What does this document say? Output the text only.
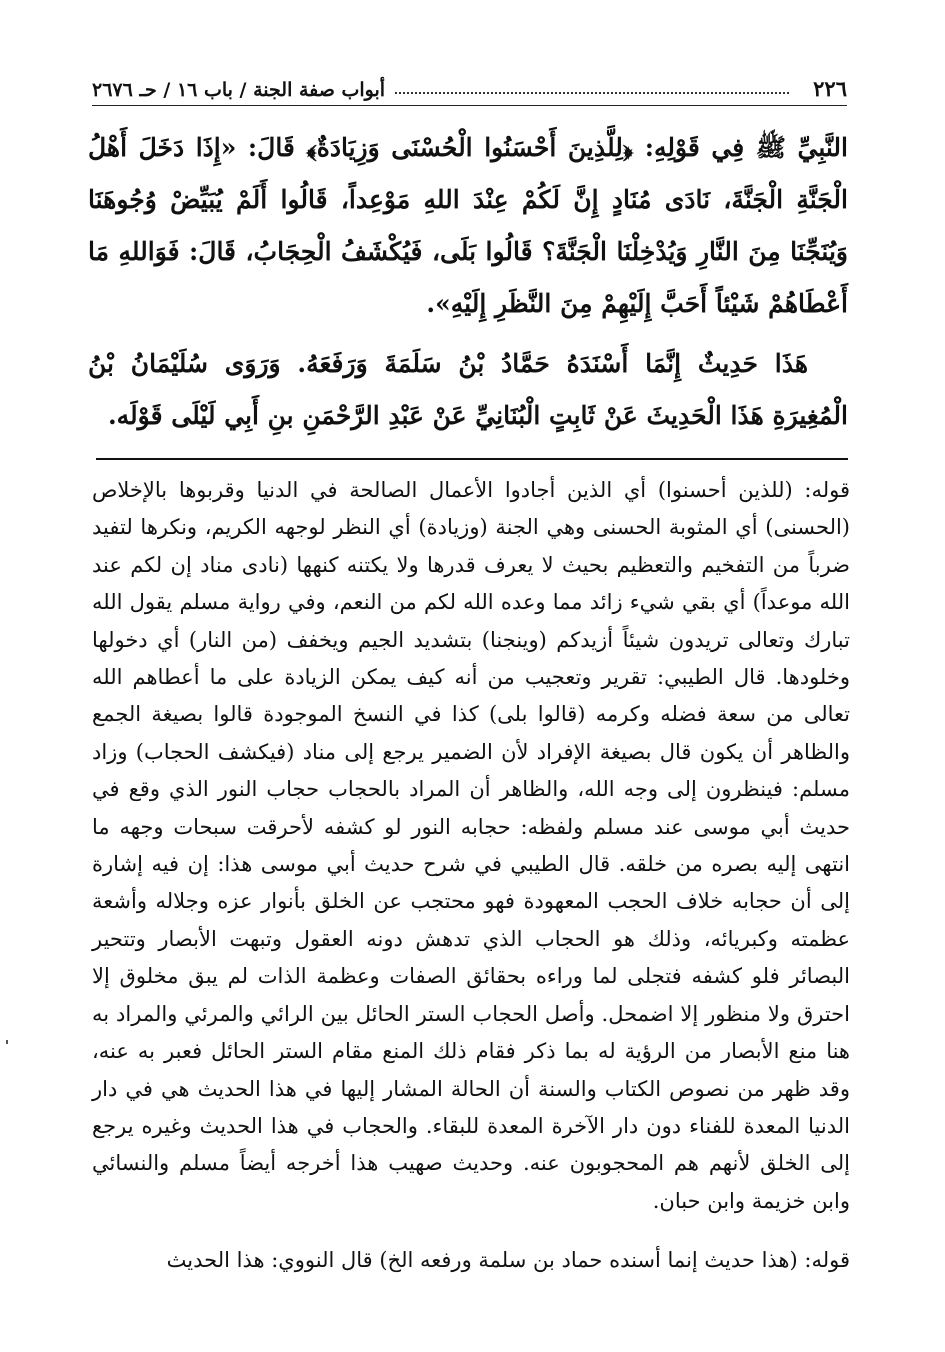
٢٢٦
أبواب صفة الجنة / باب ١٦ / حـ ٢٦٧٦

النَّبِيِّ ﷺ فِي قَوْلِهِ: ﴿لِلَّذِينَ أَحْسَنُوا الْحُسْنَى وَزِيَادَةٌ﴾ قَالَ: «إِذَا دَخَلَ أَهْلُ الْجَنَّةِ الْجَنَّةَ، نَادَى مُنَادٍ إِنَّ لَكُمْ عِنْدَ اللهِ مَوْعِداً، قَالُوا أَلَمْ يُبَيِّضْ وُجُوهَنَا وَيُنَجِّنَا مِنَ النَّارِ وَيُدْخِلْنَا الْجَنَّةَ؟ قَالُوا بَلَى، فَيُكْشَفُ الْحِجَابُ، قَالَ: فَوَاللهِ مَا أَعْطَاهُمْ شَيْئاً أَحَبَّ إِلَيْهِمْ مِنَ النَّظَرِ إِلَيْهِ».

هَذَا حَدِيثٌ إِنَّمَا أَسْنَدَهُ حَمَّادُ بْنُ سَلَمَةَ وَرَفَعَهُ. وَرَوَى سُلَيْمَانُ بْنُ الْمُغِيرَةِ هَذَا الْحَدِيثَ عَنْ ثَابِتٍ الْبُنَانِيِّ عَنْ عَبْدِ الرَّحْمَنِ بنِ أَبِي لَيْلَى قَوْلَه.

قوله: (للذين أحسنوا) أي الذين أجادوا الأعمال الصالحة في الدنيا وقربوها بالإخلاص (الحسنى) أي المثوبة الحسنى وهي الجنة (وزيادة) أي النظر لوجهه الكريم، ونكرها لتفيد ضرباً من التفخيم والتعظيم بحيث لا يعرف قدرها ولا يكتنه كنهها (نادى مناد إن لكم عند الله موعداً) أي بقي شيء زائد مما وعده الله لكم من النعم، وفي رواية مسلم يقول الله تبارك وتعالى تريدون شيئاً أزيدكم (وينجنا) بتشديد الجيم ويخفف (من النار) أي دخولها وخلودها. قال الطيبي: تقرير وتعجيب من أنه كيف يمكن الزيادة على ما أعطاهم الله تعالى من سعة فضله وكرمه (قالوا بلى) كذا في النسخ الموجودة قالوا بصيغة الجمع والظاهر أن يكون قال بصيغة الإفراد لأن الضمير يرجع إلى مناد (فيكشف الحجاب) وزاد مسلم: فينظرون إلى وجه الله، والظاهر أن المراد بالحجاب حجاب النور الذي وقع في حديث أبي موسى عند مسلم ولفظه: حجابه النور لو كشفه لأحرقت سبحات وجهه ما انتهى إليه بصره من خلقه. قال الطيبي في شرح حديث أبي موسى هذا: إن فيه إشارة إلى أن حجابه خلاف الحجب المعهودة فهو محتجب عن الخلق بأنوار عزه وجلاله وأشعة عظمته وكبريائه، وذلك هو الحجاب الذي تدهش دونه العقول وتبهت الأبصار وتتحير البصائر فلو كشفه فتجلى لما وراءه بحقائق الصفات وعظمة الذات لم يبق مخلوق إلا احترق ولا منظور إلا اضمحل. وأصل الحجاب الستر الحائل بين الرائي والمرئي والمراد به هنا منع الأبصار من الرؤية له بما ذكر فقام ذلك المنع مقام الستر الحائل فعبر به عنه، وقد ظهر من نصوص الكتاب والسنة أن الحالة المشار إليها في هذا الحديث هي في دار الدنيا المعدة للفناء دون دار الآخرة المعدة للبقاء. والحجاب في هذا الحديث وغيره يرجع إلى الخلق لأنهم هم المحجوبون عنه. وحديث صهيب هذا أخرجه أيضاً مسلم والنسائي وابن خزيمة وابن حبان.

قوله: (هذا حديث إنما أسنده حماد بن سلمة ورفعه الخ) قال النووي: هذا الحديث
